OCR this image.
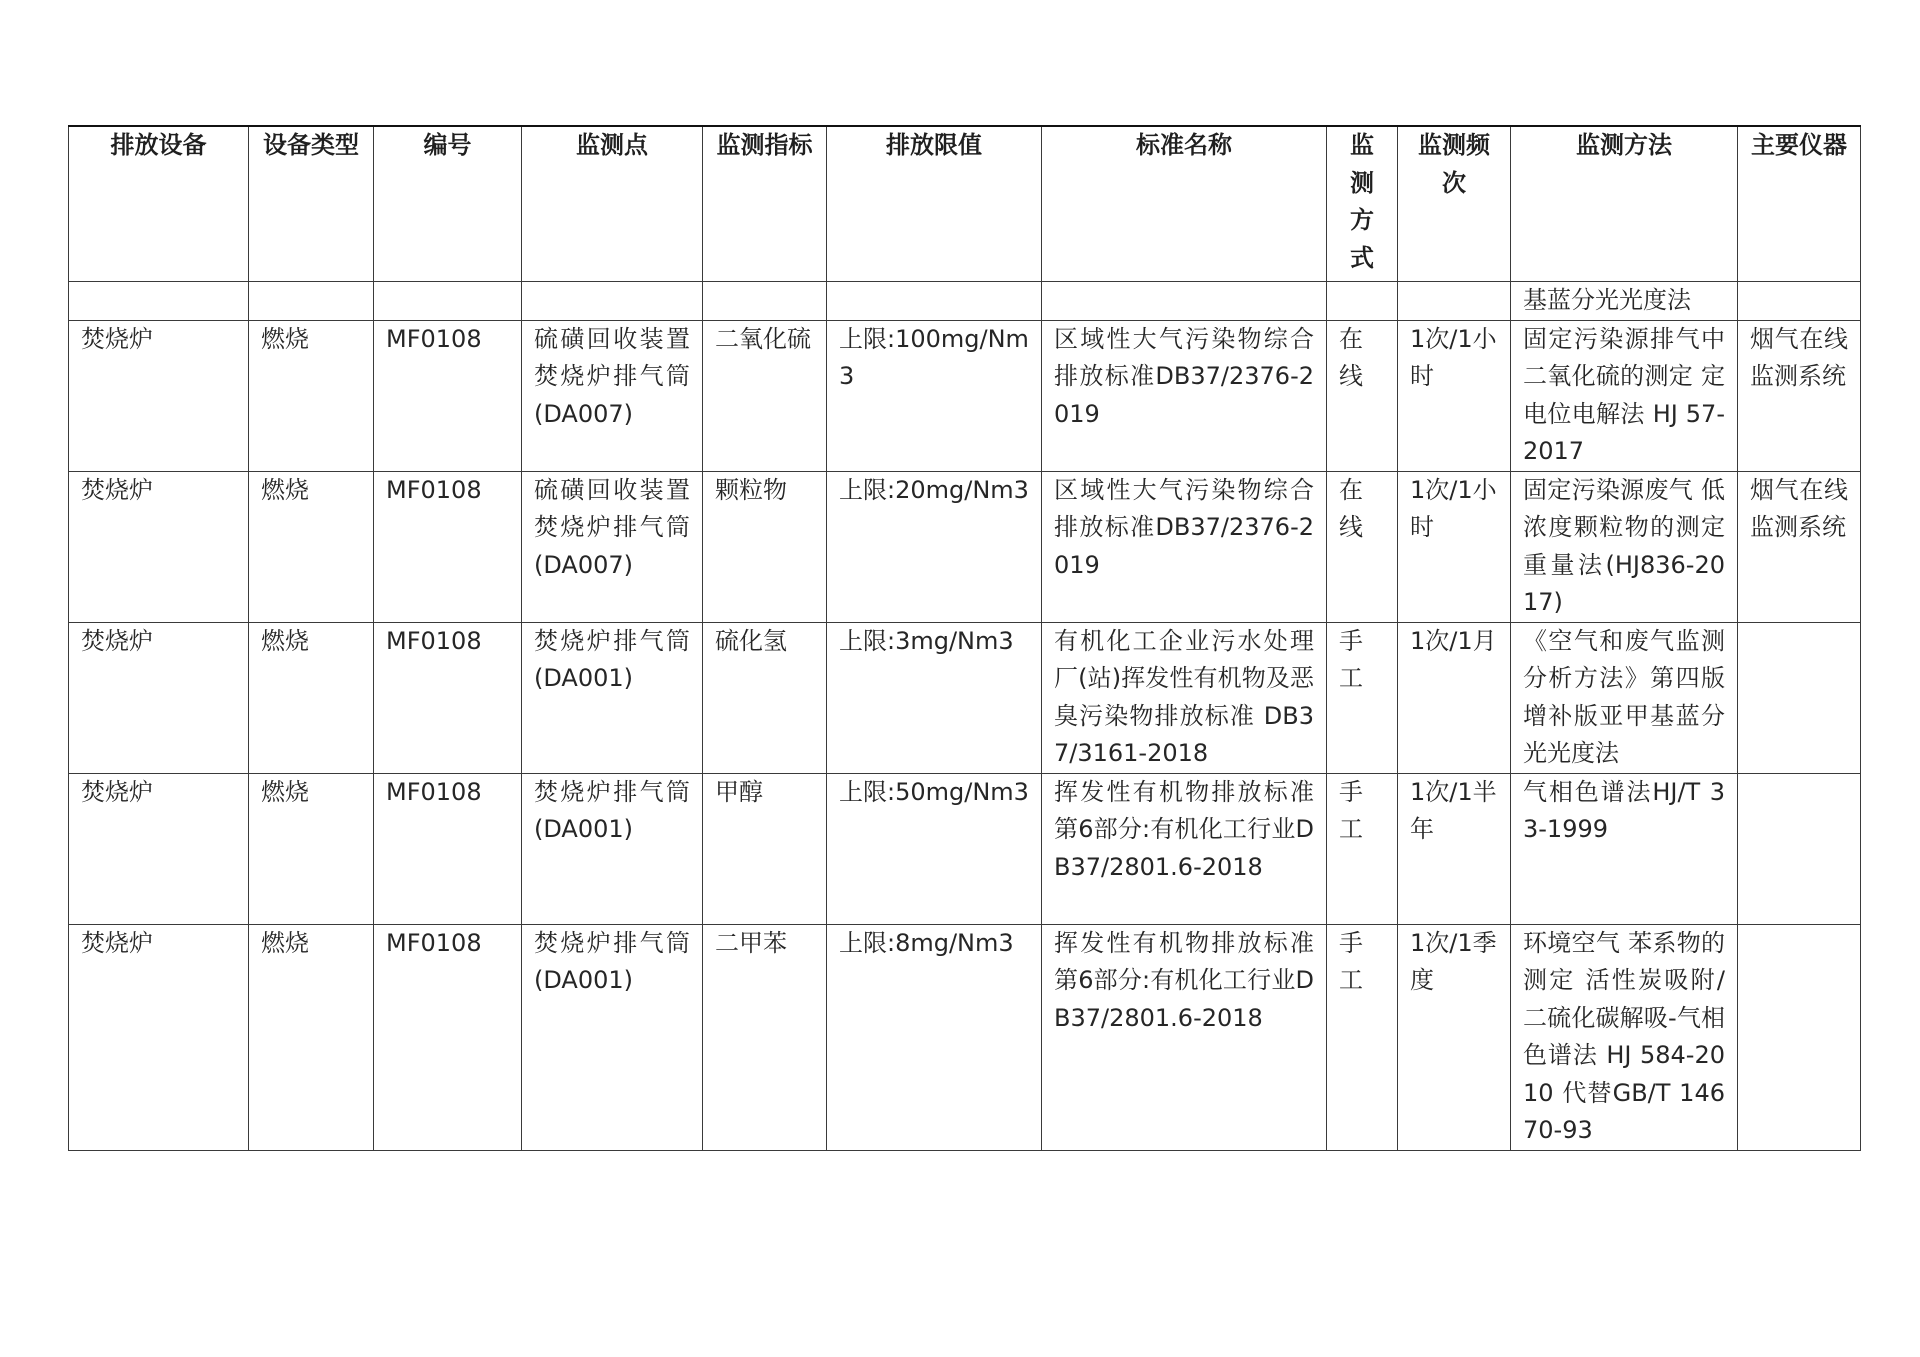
排放设备	设备类型	编号	监测点	监测指标	排放限值	标准名称	监测方式	监测频次	监测方法	主要仪器
									基蓝分光光度法	
焚烧炉	燃烧	MF0108	硫磺回收装置焚烧炉排气筒(DA007)	二氧化硫	上限:100mg/Nm3	区域性大气污染物综合排放标准DB37/2376-2019	在线	1次/1小时	固定污染源排气中二氧化硫的测定 定电位电解法 HJ 57-2017	烟气在线监测系统
焚烧炉	燃烧	MF0108	硫磺回收装置焚烧炉排气筒(DA007)	颗粒物	上限:20mg/Nm3	区域性大气污染物综合排放标准DB37/2376-2019	在线	1次/1小时	固定污染源废气 低浓度颗粒物的测定 重量法(HJ836-2017)	烟气在线监测系统
焚烧炉	燃烧	MF0108	焚烧炉排气筒(DA001)	硫化氢	上限:3mg/Nm3	有机化工企业污水处理厂(站)挥发性有机物及恶臭污染物排放标准 DB37/3161-2018	手工	1次/1月	《空气和废气监测分析方法》第四版增补版亚甲基蓝分光光度法	
焚烧炉	燃烧	MF0108	焚烧炉排气筒(DA001)	甲醇	上限:50mg/Nm3	挥发性有机物排放标准第6部分:有机化工行业DB37/2801.6-2018	手工	1次/1半年	气相色谱法HJ/T 33-1999	
焚烧炉	燃烧	MF0108	焚烧炉排气筒(DA001)	二甲苯	上限:8mg/Nm3	挥发性有机物排放标准第6部分:有机化工行业DB37/2801.6-2018	手工	1次/1季度	环境空气 苯系物的测定 活性炭吸附/二硫化碳解吸-气相色谱法 HJ 584-2010 代替GB/T 14670-93	
